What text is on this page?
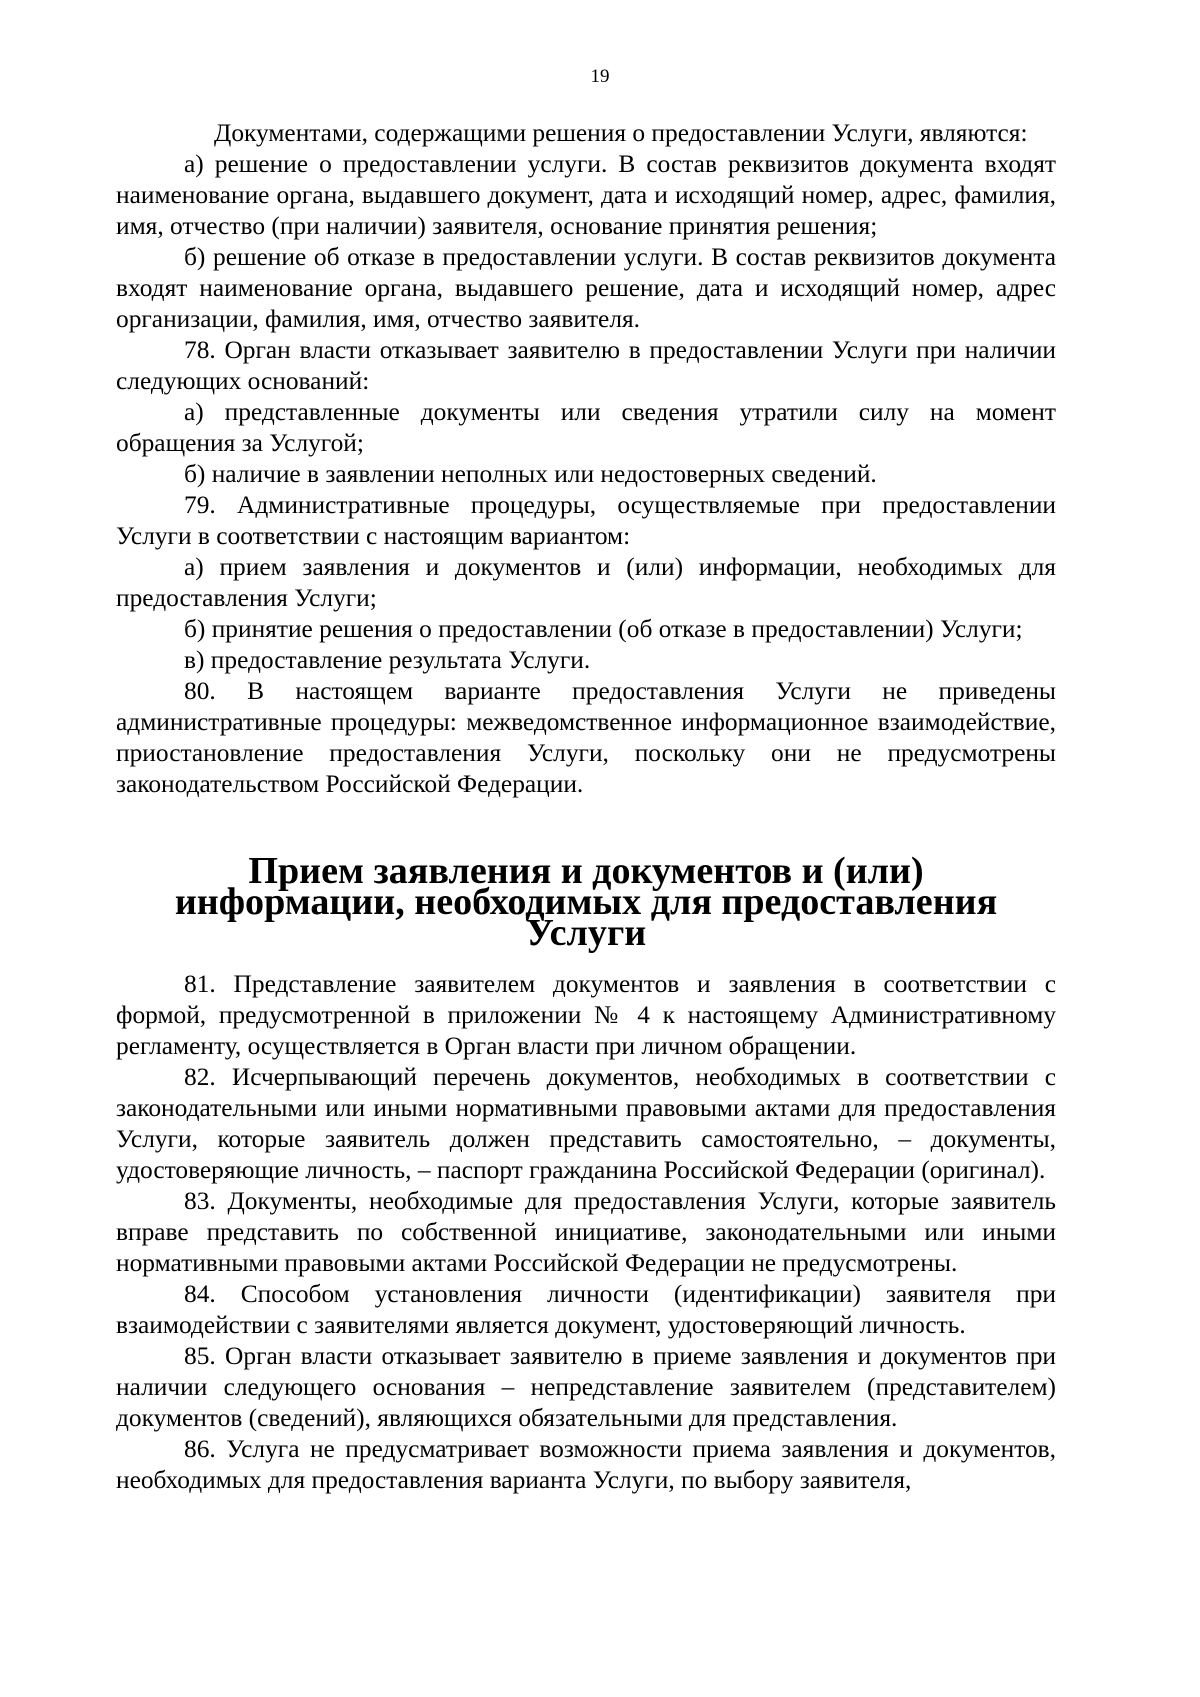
19

Документами, содержащими решения о предоставлении Услуги, являются:

а) решение о предоставлении услуги. В состав реквизитов документа входят наименование органа, выдавшего документ, дата и исходящий номер, адрес, фамилия, имя, отчество (при наличии) заявителя, основание принятия решения;

б) решение об отказе в предоставлении услуги. В состав реквизитов документа входят наименование органа, выдавшего решение, дата и исходящий номер, адрес организации, фамилия, имя, отчество заявителя.

78. Орган власти отказывает заявителю в предоставлении Услуги при наличии следующих оснований:

а) представленные документы или сведения утратили силу на момент обращения за Услугой;

б) наличие в заявлении неполных или недостоверных сведений.

79. Административные процедуры, осуществляемые при предоставлении Услуги в соответствии с настоящим вариантом:

а) прием заявления и документов и (или) информации, необходимых для предоставления Услуги;

б) принятие решения о предоставлении (об отказе в предоставлении) Услуги;

в) предоставление результата Услуги.

80. В настоящем варианте предоставления Услуги не приведены административные процедуры: межведомственное информационное взаимодействие, приостановление предоставления Услуги, поскольку они не предусмотрены законодательством Российской Федерации.

Прием заявления и документов и (или) информации, необходимых для предоставления Услуги

81. Представление заявителем документов и заявления в соответствии с формой, предусмотренной в приложении № 4 к настоящему Административному регламенту, осуществляется в Орган власти при личном обращении.

82. Исчерпывающий перечень документов, необходимых в соответствии с законодательными или иными нормативными правовыми актами для предоставления Услуги, которые заявитель должен представить самостоятельно, – документы, удостоверяющие личность, – паспорт гражданина Российской Федерации (оригинал).

83. Документы, необходимые для предоставления Услуги, которые заявитель вправе представить по собственной инициативе, законодательными или иными нормативными правовыми актами Российской Федерации не предусмотрены.

84. Способом установления личности (идентификации) заявителя при взаимодействии с заявителями является документ, удостоверяющий личность.

85. Орган власти отказывает заявителю в приеме заявления и документов при наличии следующего основания – непредставление заявителем (представителем) документов (сведений), являющихся обязательными для представления.

86. Услуга не предусматривает возможности приема заявления и документов, необходимых для предоставления варианта Услуги, по выбору заявителя,
